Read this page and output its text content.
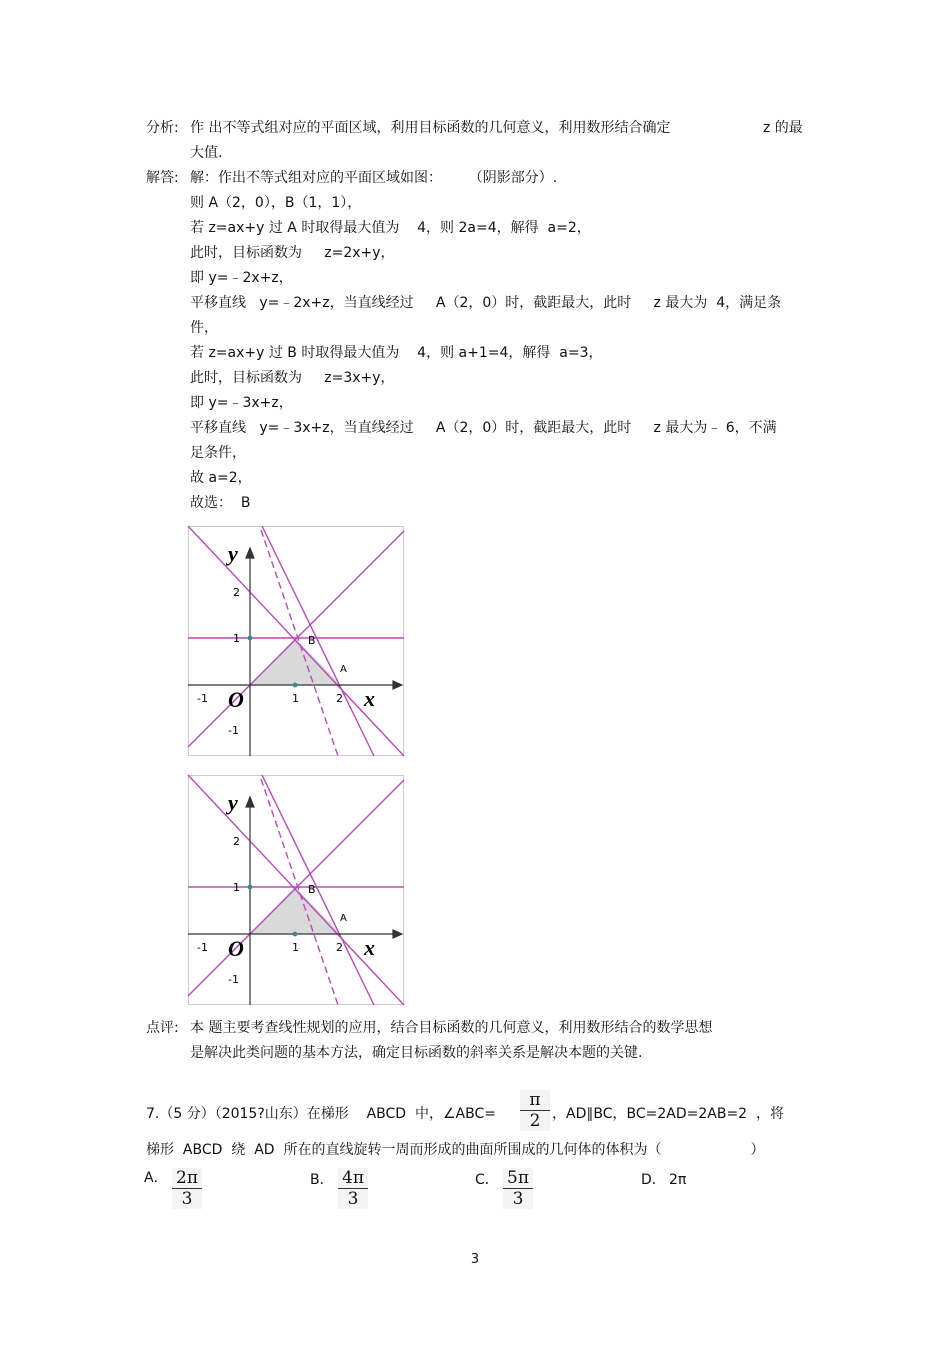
分析: 作 出不等式组对应的平面区域，利用目标函数的几何意义，利用数形结合确定	z 的最
大值.
解答: 解：作出不等式组对应的平面区域如图：      （阴影部分）.
则 A（2，0），B（1，1），
若 z=ax+y 过 A 时取得最大值为    4，则 2a=4，解得  a=2，
此时，目标函数为     z=2x+y，
即 y=﹣2x+z，
平移直线   y=﹣2x+z，当直线经过     A（2，0）时，截距最大，此时     z 最大为  4，满足条
件，
若 z=ax+y 过 B 时取得最大值为    4，则 a+1=4，解得  a=3，
此时，目标函数为     z=3x+y，
即 y=﹣3x+z，
平移直线   y=﹣3x+z，当直线经过     A（2，0）时，截距最大，此时     z 最大为﹣ 6，不满
足条件，
故 a=2，
故选：  B
y
x
O
-1	1	2
2
1
-1
B
A
y
x
O
-1	1	2
2
1
-1
B
A
点评: 本 题主要考查线性规划的应用，结合目标函数的几何意义，利用数形结合的数学思想
是解决此类问题的基本方法，确定目标函数的斜率关系是解决本题的关键.
7.（5 分）（2015?山东）在梯形    ABCD  中，∠ABC= $\frac{\pi}{2}$ ，AD∥BC，BC=2AD=2AB=2  ，将
梯形  ABCD  绕  AD  所在的直线旋转一周而形成的曲面所围成的几何体的体积为（                    ）
A． $\frac{2\pi}{3}$	B． $\frac{4\pi}{3}$	C． $\frac{5\pi}{3}$	D． 2π
3
